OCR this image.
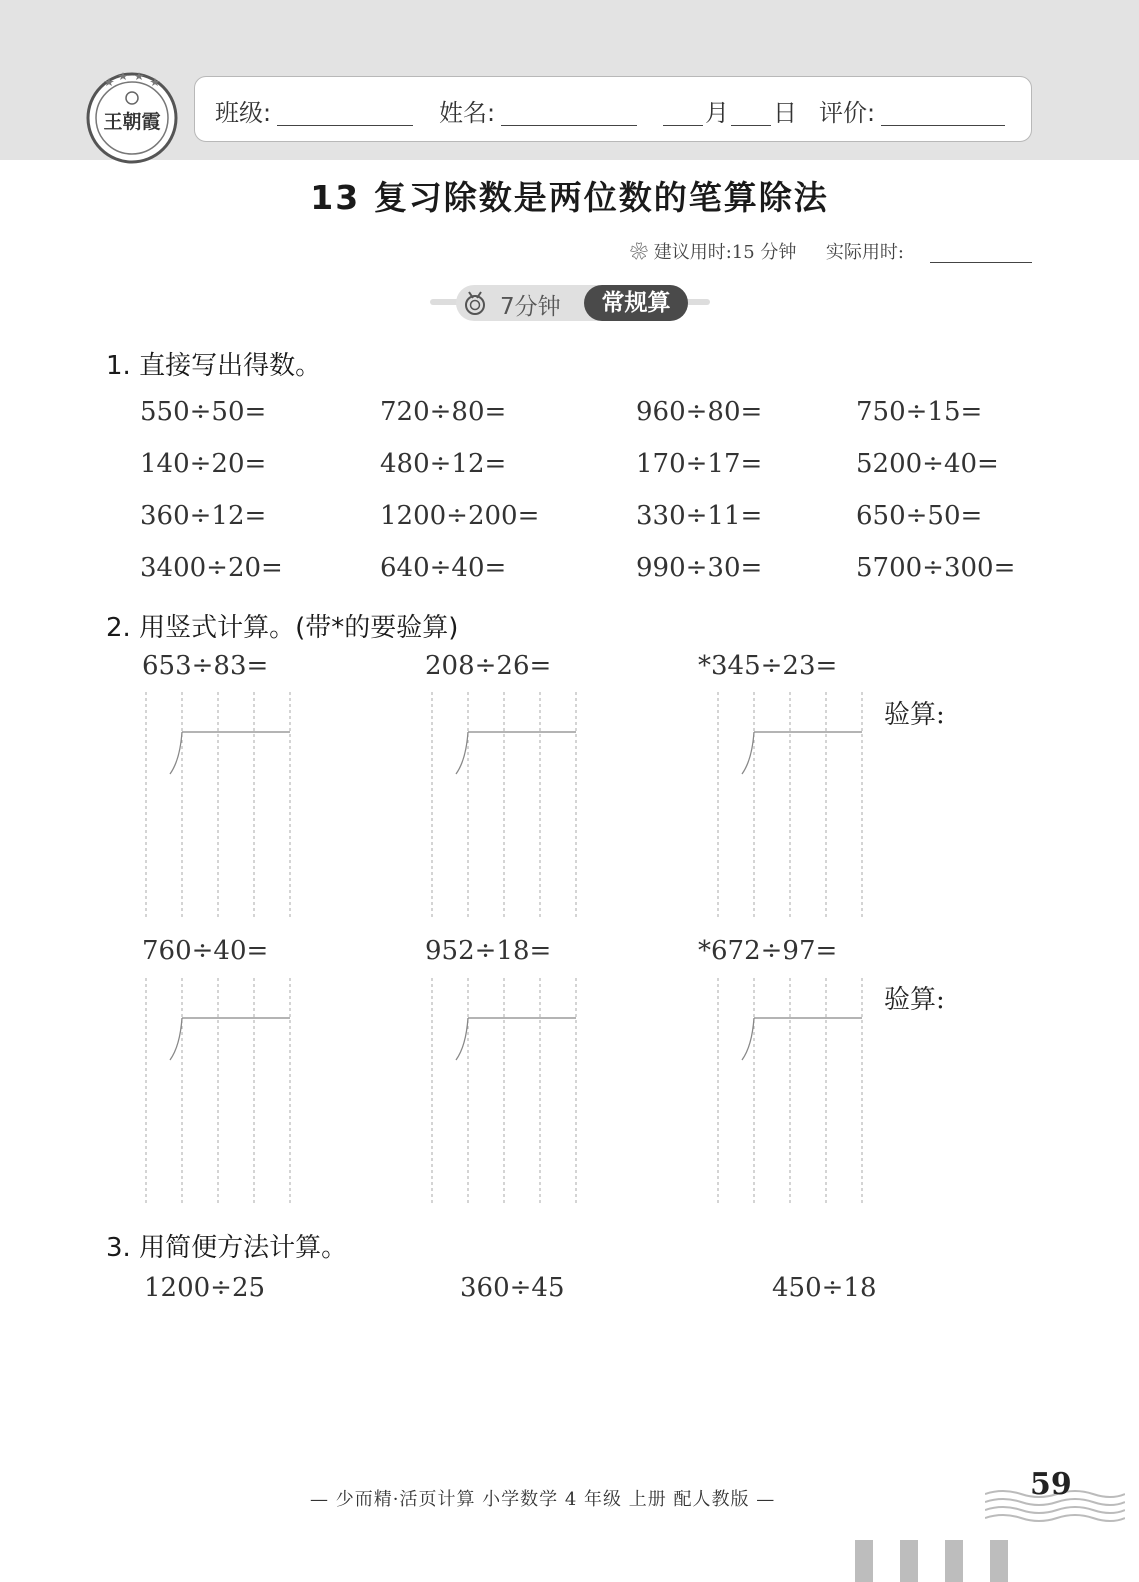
王朝霞 班级:	姓名:	月 日 评价:
13 复习除数是两位数的笔算除法
❀ 建议用时:15 分钟 实际用时:
7分钟	常规算
1. 直接写出得数。
550÷50=	720÷80=	960÷80=	750÷15=
140÷20=	480÷12=	170÷17=	5200÷40=
360÷12=	1200÷200=	330÷11=	650÷50=
3400÷20=	640÷40=	990÷30=	5700÷300=
2. 用竖式计算。(带*的要验算)
653÷83=	208÷26=	*345÷23=
验算:
760÷40=	952÷18=	*672÷97=
验算:
3. 用简便方法计算。
1200÷25	360÷45	450÷18
— 少而精·活页计算 小学数学 4 年级 上册 配人教版 —	59
